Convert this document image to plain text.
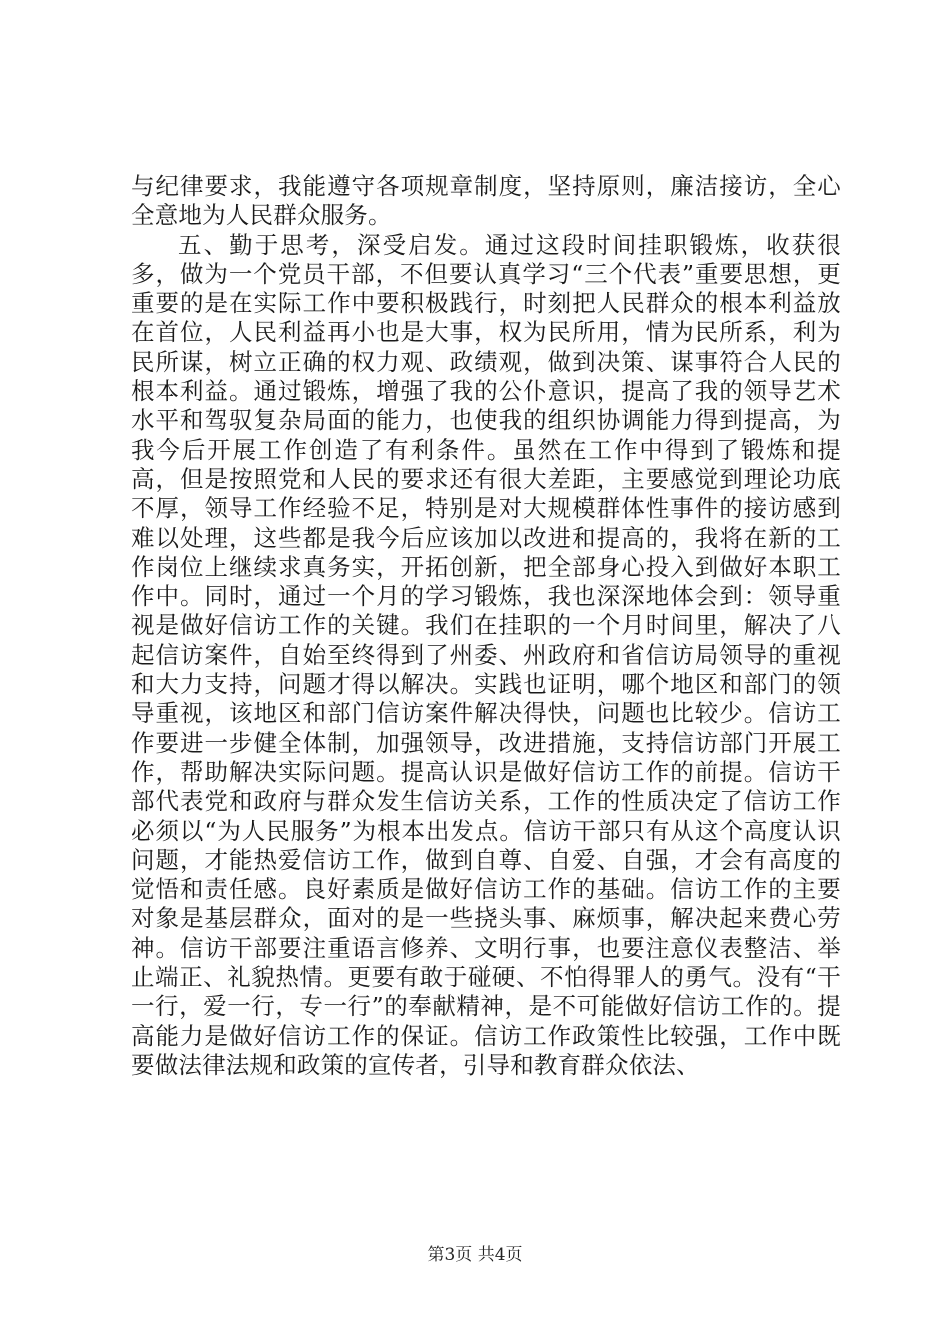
与纪律要求，我能遵守各项规章制度，坚持原则，廉洁接访，全心全意地为人民群众服务。

五、勤于思考，深受启发。通过这段时间挂职锻炼，收获很多，做为一个党员干部，不但要认真学习“三个代表”重要思想，更重要的是在实际工作中要积极践行，时刻把人民群众的根本利益放在首位，人民利益再小也是大事，权为民所用，情为民所系，利为民所谋，树立正确的权力观、政绩观，做到决策、谋事符合人民的根本利益。通过锻炼，增强了我的公仆意识，提高了我的领导艺术水平和驾驭复杂局面的能力，也使我的组织协调能力得到提高，为我今后开展工作创造了有利条件。虽然在工作中得到了锻炼和提高，但是按照党和人民的要求还有很大差距，主要感觉到理论功底不厚，领导工作经验不足，特别是对大规模群体性事件的接访感到难以处理，这些都是我今后应该加以改进和提高的，我将在新的工作岗位上继续求真务实，开拓创新，把全部身心投入到做好本职工作中。同时，通过一个月的学习锻炼，我也深深地体会到：领导重视是做好信访工作的关键。我们在挂职的一个月时间里，解决了八起信访案件，自始至终得到了州委、州政府和省信访局领导的重视和大力支持，问题才得以解决。实践也证明，哪个地区和部门的领导重视，该地区和部门信访案件解决得快，问题也比较少。信访工作要进一步健全体制，加强领导，改进措施，支持信访部门开展工作，帮助解决实际问题。提高认识是做好信访工作的前提。信访干部代表党和政府与群众发生信访关系，工作的性质决定了信访工作必须以“为人民服务”为根本出发点。信访干部只有从这个高度认识问题，才能热爱信访工作，做到自尊、自爱、自强，才会有高度的觉悟和责任感。良好素质是做好信访工作的基础。信访工作的主要对象是基层群众，面对的是一些挠头事、麻烦事，解决起来费心劳神。信访干部要注重语言修养、文明行事，也要注意仪表整洁、举止端正、礼貌热情。更要有敢于碰硬、不怕得罪人的勇气。没有“干一行，爱一行，专一行”的奉献精神，是不可能做好信访工作的。提高能力是做好信访工作的保证。信访工作政策性比较强，工作中既要做法律法规和政策的宣传者，引导和教育群众依法、

第3页 共4页
